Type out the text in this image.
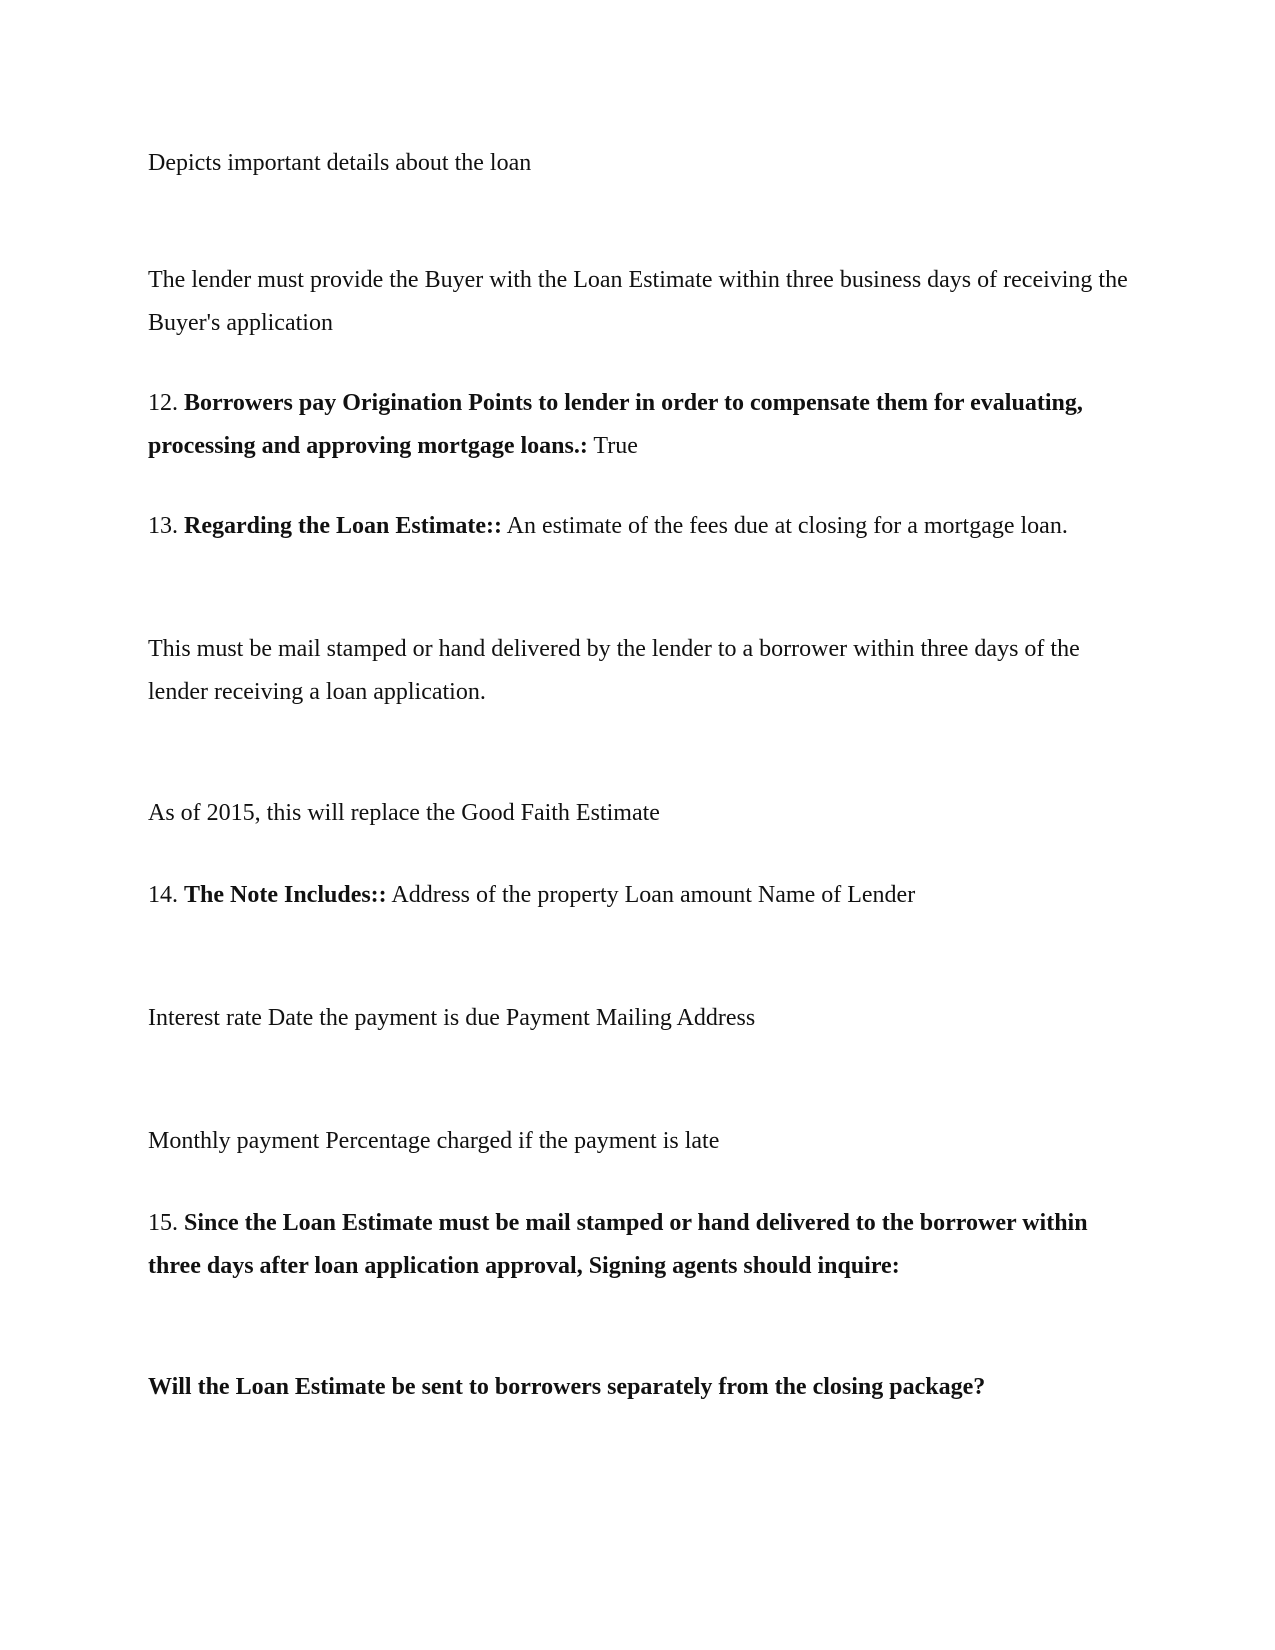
Depicts important details about the loan

The lender must provide the Buyer with the Loan Estimate within three business days of receiving the Buyer's application

12. Borrowers pay Origination Points to lender in order to compensate them for evaluating, processing and approving mortgage loans.: True

13. Regarding the Loan Estimate:: An estimate of the fees due at closing for a mortgage loan.

This must be mail stamped or hand delivered by the lender to a borrower within three days of the lender receiving a loan application.

As of 2015, this will replace the Good Faith Estimate

14. The Note Includes:: Address of the property Loan amount Name of Lender

Interest rate Date the payment is due Payment Mailing Address

Monthly payment Percentage charged if the payment is late

15. Since the Loan Estimate must be mail stamped or hand delivered to the borrower within three days after loan application approval, Signing agents should inquire:

Will the Loan Estimate be sent to borrowers separately from the closing package?
